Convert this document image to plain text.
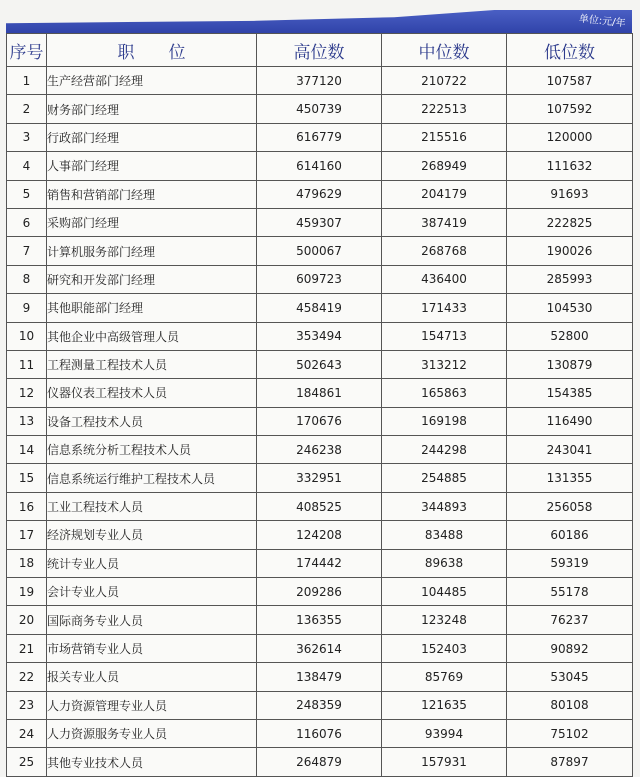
单位:元/年
序号	职　　位	高位数	中位数	低位数
1	生产经营部门经理	377120	210722	107587
2	财务部门经理	450739	222513	107592
3	行政部门经理	616779	215516	120000
4	人事部门经理	614160	268949	111632
5	销售和营销部门经理	479629	204179	91693
6	采购部门经理	459307	387419	222825
7	计算机服务部门经理	500067	268768	190026
8	研究和开发部门经理	609723	436400	285993
9	其他职能部门经理	458419	171433	104530
10	其他企业中高级管理人员	353494	154713	52800
11	工程测量工程技术人员	502643	313212	130879
12	仪器仪表工程技术人员	184861	165863	154385
13	设备工程技术人员	170676	169198	116490
14	信息系统分析工程技术人员	246238	244298	243041
15	信息系统运行维护工程技术人员	332951	254885	131355
16	工业工程技术人员	408525	344893	256058
17	经济规划专业人员	124208	83488	60186
18	统计专业人员	174442	89638	59319
19	会计专业人员	209286	104485	55178
20	国际商务专业人员	136355	123248	76237
21	市场营销专业人员	362614	152403	90892
22	报关专业人员	138479	85769	53045
23	人力资源管理专业人员	248359	121635	80108
24	人力资源服务专业人员	116076	93994	75102
25	其他专业技术人员	264879	157931	87897
